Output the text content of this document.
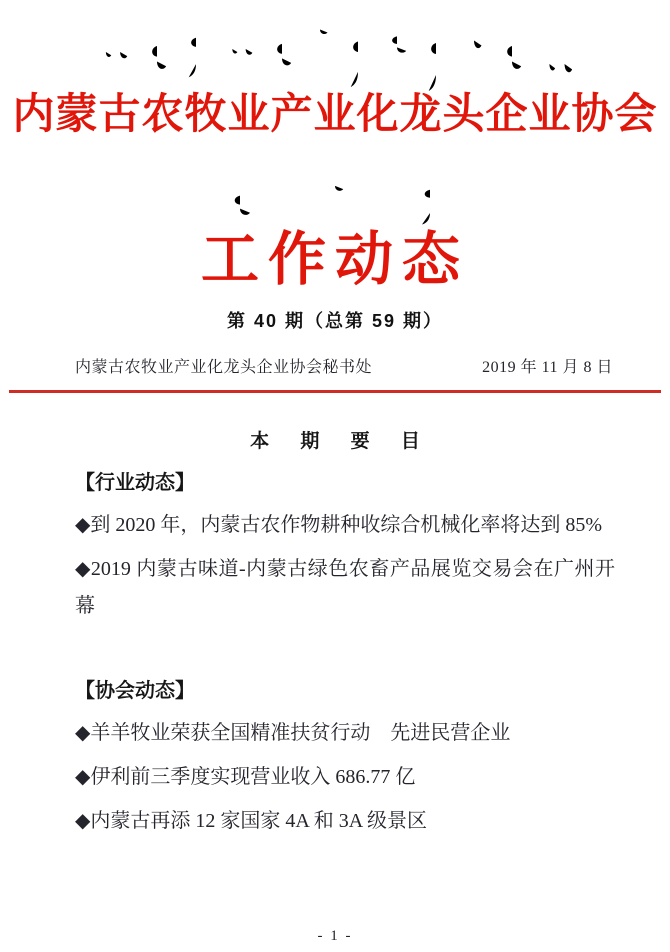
内蒙古农牧业产业化龙头企业协会
工作动态
第 40 期（总第 59 期）
内蒙古农牧业产业化龙头企业协会秘书处	2019 年 11 月 8 日
本 期 要 目
【行业动态】
◆到 2020 年，内蒙古农作物耕种收综合机械化率将达到 85%
◆2019 内蒙古味道-内蒙古绿色农畜产品展览交易会在广州开幕
【协会动态】
◆羊羊牧业荣获全国精准扶贫行动　先进民营企业
◆伊利前三季度实现营业收入 686.77 亿
◆内蒙古再添 12 家国家 4A 和 3A 级景区
- 1 -
